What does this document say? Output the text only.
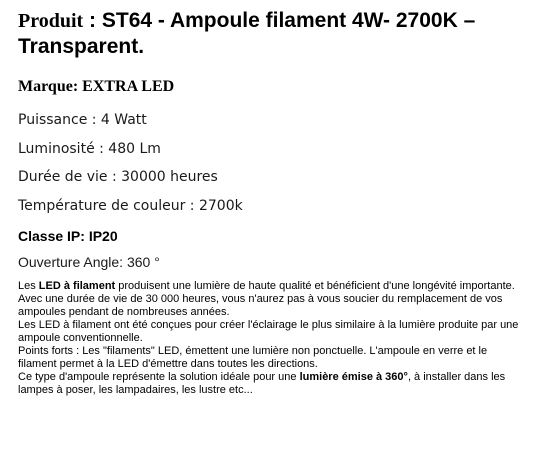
Produit : ST64 - Ampoule filament 4W- 2700K – Transparent.
Marque: EXTRA LED
Puissance : 4 Watt
Luminosité : 480 Lm
Durée de vie : 30000 heures
Température de couleur : 2700k
Classe IP: IP20
Ouverture Angle: 360 °

Les LED à filament produisent une lumière de haute qualité et bénéficient d'une longévité importante.

Avec une durée de vie de 30 000 heures, vous n'aurez pas à vous soucier du remplacement de vos ampoules pendant de nombreuses années.

Les LED à filament ont été conçues pour créer l'éclairage le plus similaire à la lumière produite par une ampoule conventionnelle.

Points forts : Les "filaments" LED, émettent une lumière non ponctuelle. L'ampoule en verre et le filament permet à la LED d'émettre dans toutes les directions.

Ce type d'ampoule représente la solution idéale pour une lumière émise à 360°, à installer dans les lampes à poser, les lampadaires, les lustre etc...
